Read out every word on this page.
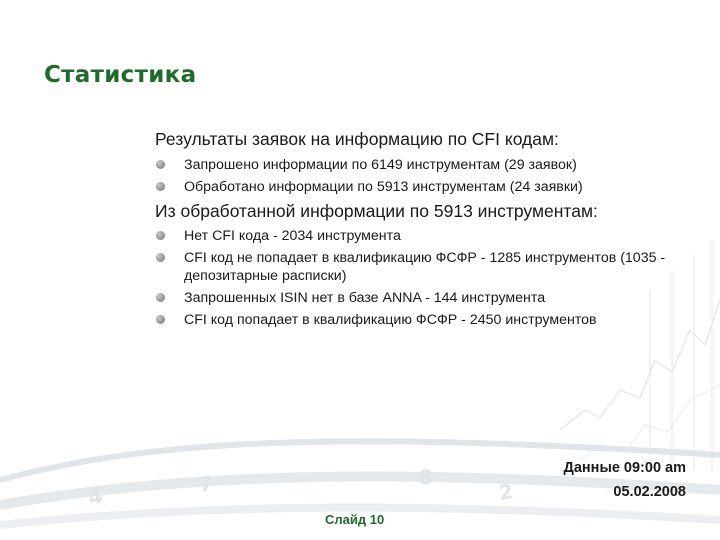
4	7	8
2
Статистика

Результаты заявок на информацию по CFI кодам:

Запрошено информации по 6149 инструментам (29 заявок)
Обработано информации по 5913 инструментам (24 заявки)

Из обработанной информации по 5913 инструментам:

Нет CFI кода - 2034 инструмента
CFI код не попадает в квалификацию ФСФР - 1285 инструментов (1035 - депозитарные расписки)
Запрошенных ISIN нет в базе ANNA - 144 инструмента
CFI код попадает в квалификацию ФСФР - 2450 инструментов
Данные 09:00 am
05.02.2008
Слайд 10
